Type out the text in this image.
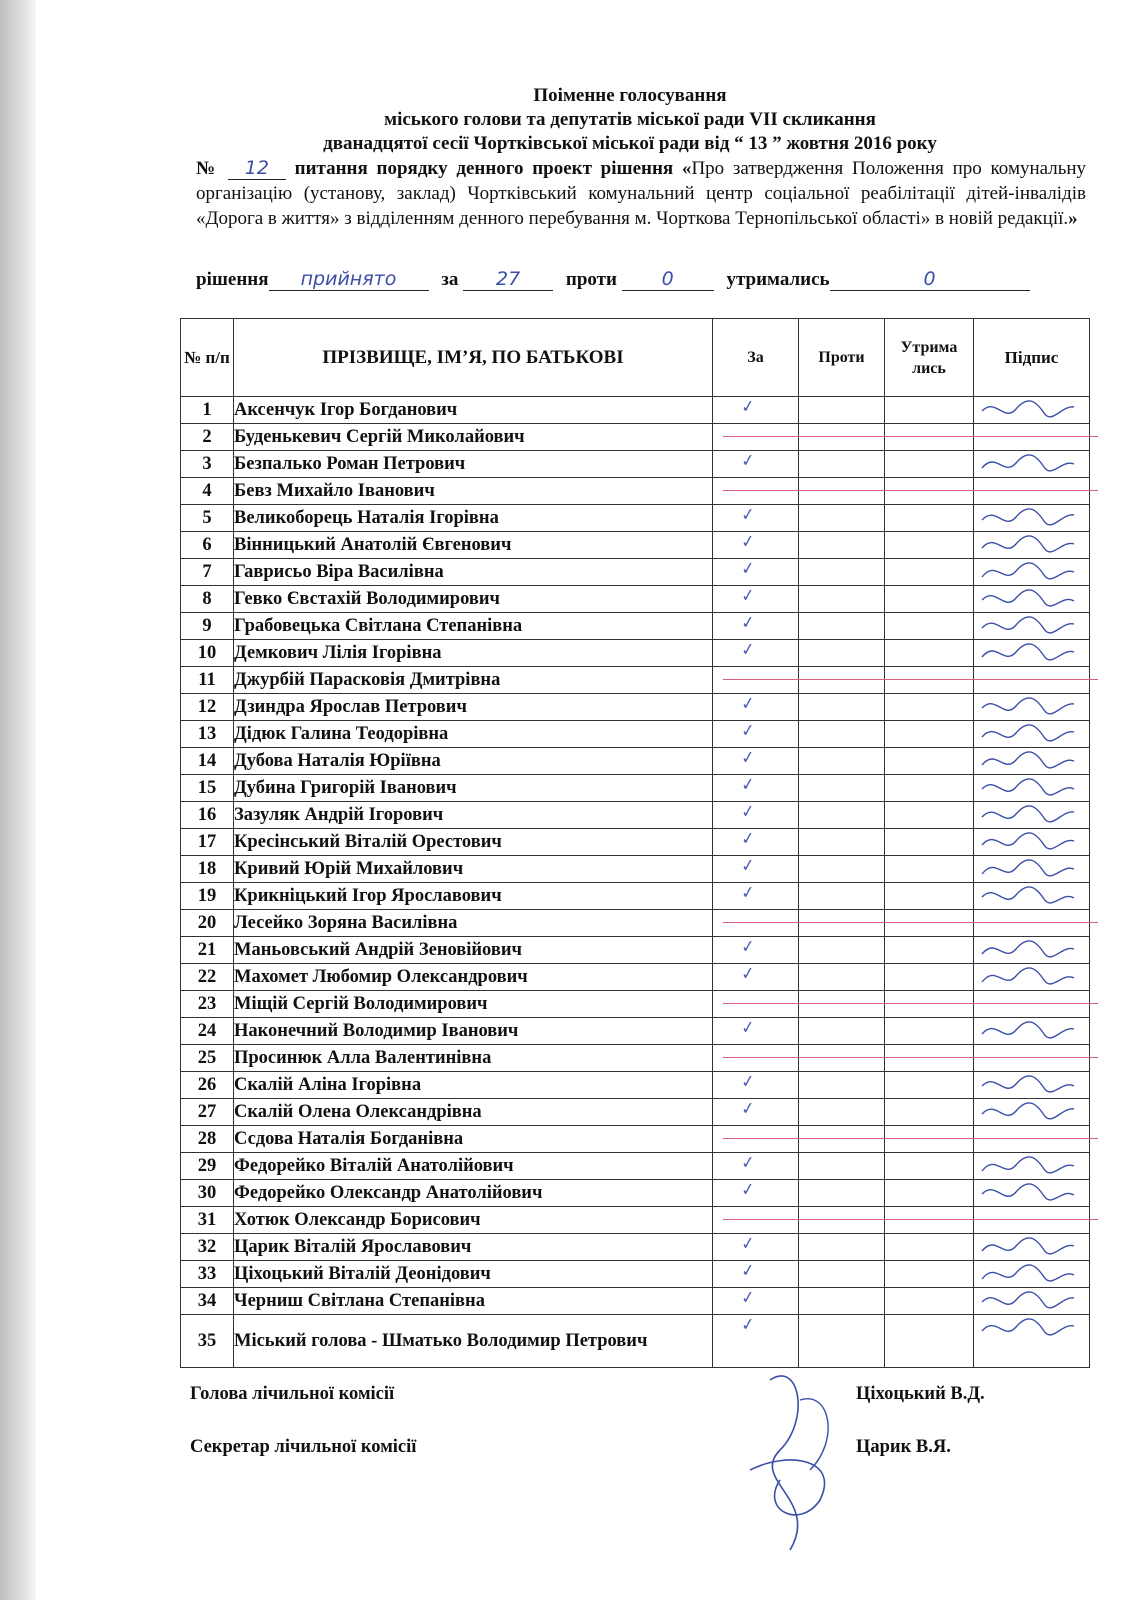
Поіменне голосування
міського голови та депутатів міської ради VII скликання
дванадцятої сесії Чортківської міської ради від “ 13 ” жовтня 2016 року
№ 12 питання порядку денного проект рішення «Про затвердження Положення про комунальну організацію (установу, заклад) Чортківський комунальний центр соціальної реабілітації дітей-інвалідів «Дорога в життя» з відділенням денного перебування м. Чорткова Тернопільської області» в новій редакції.»
рішення прийнятo за 27 проти 0	утримались	0
№ п/п	ПРІЗВИЩЕ, ІМ’Я, ПО БАТЬКОВІ	За	Проти	Утрима лись	Підпис
1	Аксенчук Ігор Богданович	✓

2	Буденькевич Сергій Миколайович	

3	Безпалько Роман Петрович	✓

4	Бевз Михайло Іванович	

5	Великоборець Наталія Ігорівна	✓

6	Вінницький Анатолій Євгенович	✓

7	Гаврисьо Віра Василівна	✓

8	Гевко Євстахій Володимирович	✓

9	Грабовецька Світлана Степанівна	✓

10	Демкович Лілія Ігорівна	✓

11	Джурбій Парасковія Дмитрівна	

12	Дзиндра Ярослав Петрович	✓

13	Дідюк Галина Теодорівна	✓

14	Дубова Наталія Юріївна	✓

15	Дубина Григорій Іванович	✓

16	Зазуляк Андрій Ігорович	✓

17	Кресінський Віталій Орестович	✓

18	Кривий Юрій Михайлович	✓

19	Крикніцький Ігор Ярославович	✓

20	Лесейко Зоряна Василівна	

21	Маньовський Андрій Зеновійович	✓

22	Махомет Любомир Олександрович	✓

23	Міщій Сергій Володимирович	

24	Наконечний Володимир Іванович	✓

25	Просинюк Алла Валентинівна	

26	Скалій Аліна Ігорівна	✓

27	Скалій Олена Олександрівна	✓

28	Ссдова Наталія Богданівна	

29	Федорейко Віталій Анатолійович	✓

30	Федорейко Олександр Анатолійович	✓

31	Хотюк Олександр Борисович	

32	Царик Віталій Ярославович	✓

33	Ціхоцький Віталій Деонідович	✓

34	Черниш Світлана Степанівна	✓

35	Міський голова - Шматько Володимир Петрович	✓

Голова лічильної комісії
Секретар лічильної комісії
Ціхоцький В.Д.
Царик В.Я.
